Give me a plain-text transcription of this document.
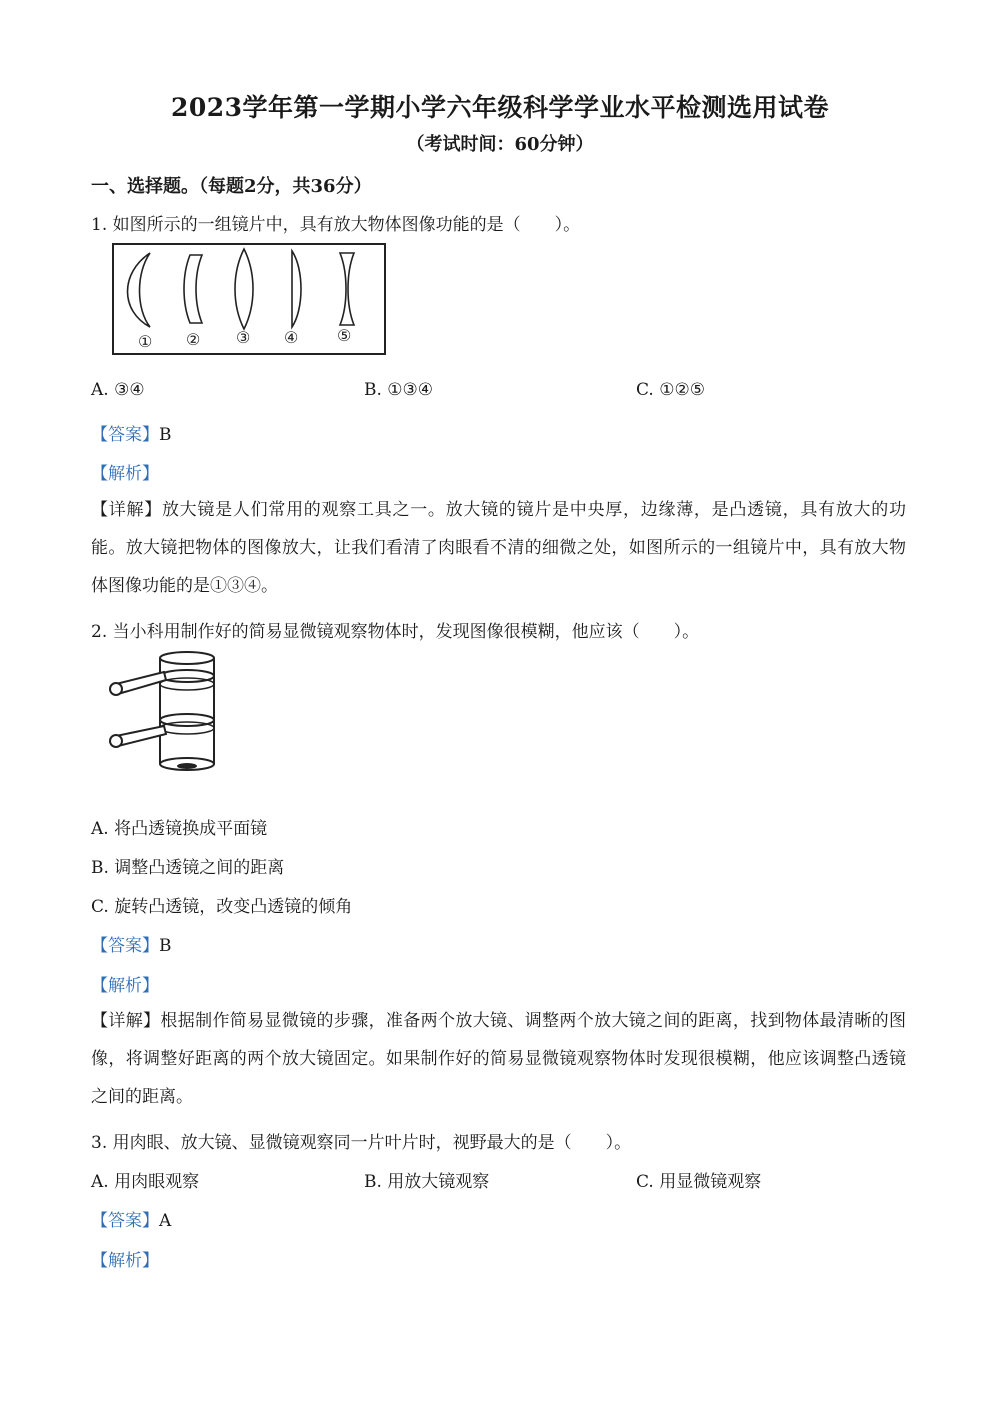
2023学年第一学期小学六年级科学学业水平检测选用试卷
（考试时间：60分钟）
一、选择题。（每题2分，共36分）
1. 如图所示的一组镜片中，具有放大物体图像功能的是（　　）。
① ② ③ ④ ⑤
A. ③④	B. ①③④	C. ①②⑤
【答案】B
【解析】
【详解】放大镜是人们常用的观察工具之一。放大镜的镜片是中央厚，边缘薄，是凸透镜，具有放大的功能。放大镜把物体的图像放大，让我们看清了肉眼看不清的细微之处，如图所示的一组镜片中，具有放大物体图像功能的是①③④。
2. 当小科用制作好的简易显微镜观察物体时，发现图像很模糊，他应该（　　）。
A. 将凸透镜换成平面镜
B. 调整凸透镜之间的距离
C. 旋转凸透镜，改变凸透镜的倾角
【答案】B
【解析】
【详解】根据制作简易显微镜的步骤，准备两个放大镜、调整两个放大镜之间的距离，找到物体最清晰的图像，将调整好距离的两个放大镜固定。如果制作好的简易显微镜观察物体时发现很模糊，他应该调整凸透镜之间的距离。
3. 用肉眼、放大镜、显微镜观察同一片叶片时，视野最大的是（　　）。
A. 用肉眼观察	B. 用放大镜观察	C. 用显微镜观察
【答案】A
【解析】
